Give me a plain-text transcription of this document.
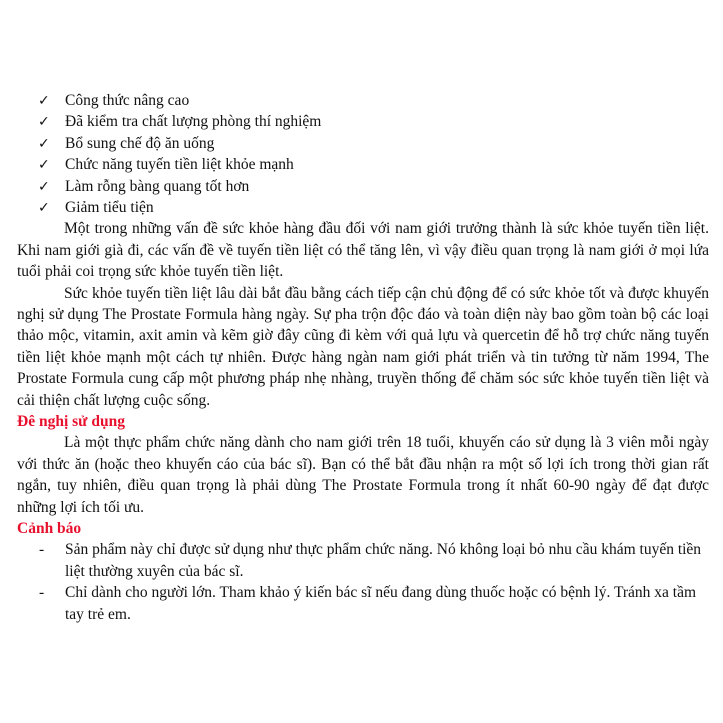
✓ Công thức nâng cao
✓ Đã kiểm tra chất lượng phòng thí nghiệm
✓ Bổ sung chế độ ăn uống
✓ Chức năng tuyến tiền liệt khỏe mạnh
✓ Làm rỗng bàng quang tốt hơn
✓ Giảm tiểu tiện

Một trong những vấn đề sức khỏe hàng đầu đối với nam giới trưởng thành là sức khỏe tuyến tiền liệt. Khi nam giới già đi, các vấn đề về tuyến tiền liệt có thể tăng lên, vì vậy điều quan trọng là nam giới ở mọi lứa tuổi phải coi trọng sức khỏe tuyến tiền liệt.

Sức khỏe tuyến tiền liệt lâu dài bắt đầu bằng cách tiếp cận chủ động để có sức khỏe tốt và được khuyến nghị sử dụng The Prostate Formula hàng ngày. Sự pha trộn độc đáo và toàn diện này bao gồm toàn bộ các loại thảo mộc, vitamin, axit amin và kẽm giờ đây cũng đi kèm với quả lựu và quercetin để hỗ trợ chức năng tuyến tiền liệt khỏe mạnh một cách tự nhiên. Được hàng ngàn nam giới phát triển và tin tưởng từ năm 1994, The Prostate Formula cung cấp một phương pháp nhẹ nhàng, truyền thống để chăm sóc sức khỏe tuyến tiền liệt và cải thiện chất lượng cuộc sống.

Đê nghị sử dụng

Là một thực phẩm chức năng dành cho nam giới trên 18 tuổi, khuyến cáo sử dụng là 3 viên mỗi ngày với thức ăn (hoặc theo khuyến cáo của bác sĩ). Bạn có thể bắt đầu nhận ra một số lợi ích trong thời gian rất ngắn, tuy nhiên, điều quan trọng là phải dùng The Prostate Formula trong ít nhất 60-90 ngày để đạt được những lợi ích tối ưu.

Cảnh báo
-	Sản phẩm này chỉ được sử dụng như thực phẩm chức năng. Nó không loại bỏ nhu cầu khám tuyến tiền liệt thường xuyên của bác sĩ.
-	Chỉ dành cho người lớn. Tham khảo ý kiến bác sĩ nếu đang dùng thuốc hoặc có bệnh lý. Tránh xa tầm tay trẻ em.
